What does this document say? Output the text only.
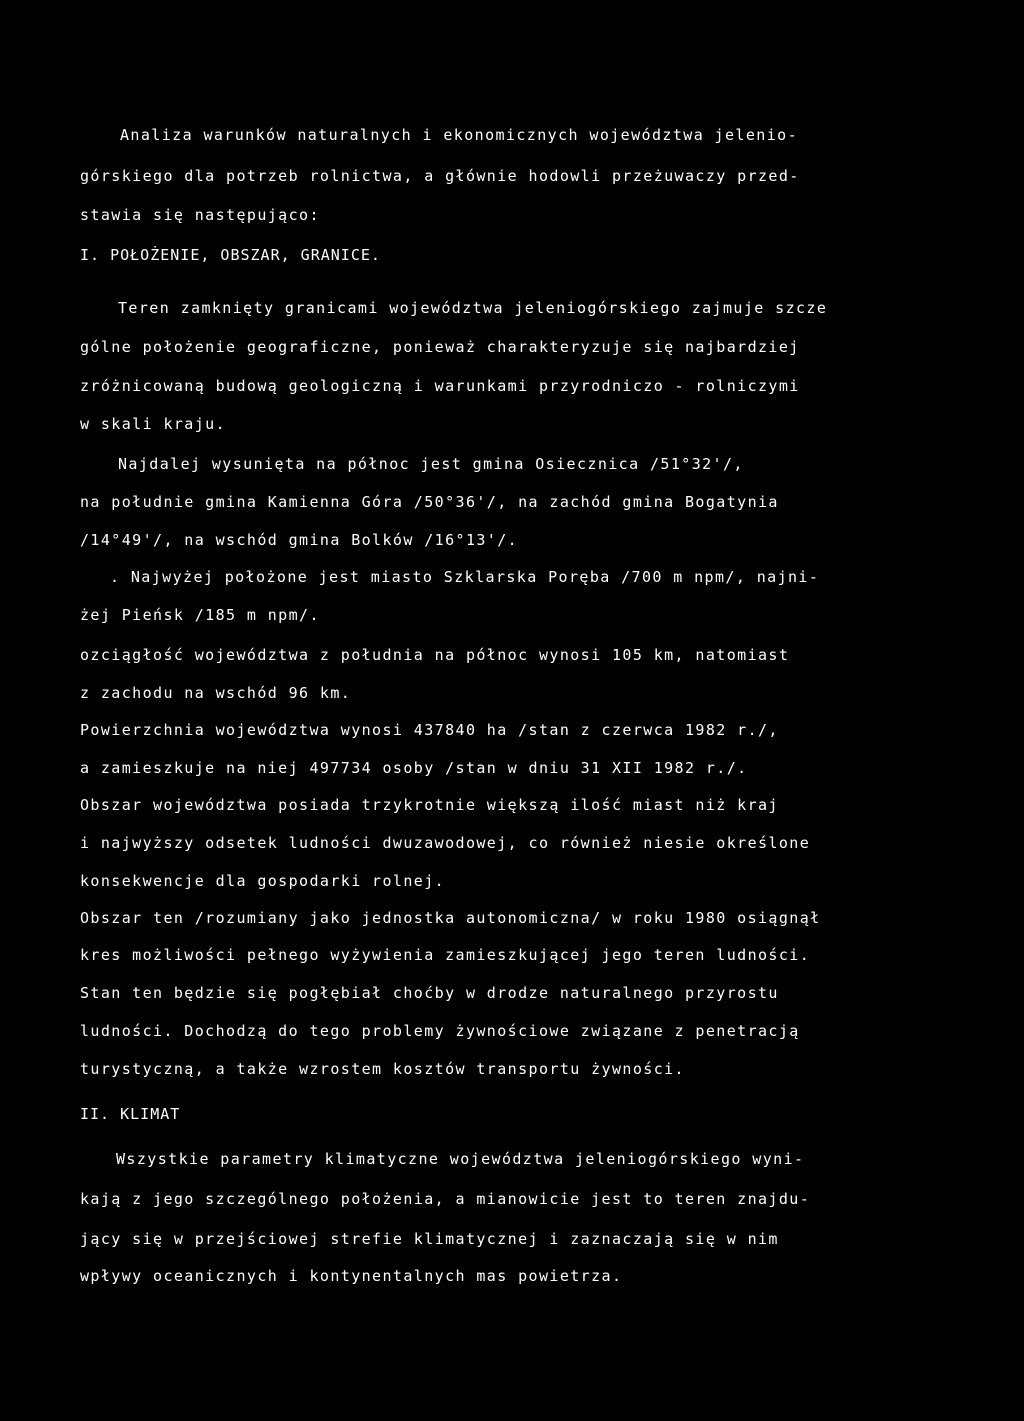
Analiza warunków naturalnych i ekonomicznych województwa jelenio-
górskiego dla potrzeb rolnictwa, a głównie hodowli przeżuwaczy przed-
stawia się następująco:
I. POŁOŻENIE, OBSZAR, GRANICE.
Teren zamknięty granicami województwa jeleniogórskiego zajmuje szcze
gólne położenie geograficzne, ponieważ charakteryzuje się najbardziej
zróżnicowaną budową geologiczną i warunkami przyrodniczo - rolniczymi
w skali kraju.
Najdalej wysunięta na północ jest gmina Osiecznica /51°32'/,
na południe gmina Kamienna Góra /50°36'/, na zachód gmina Bogatynia
/14°49'/, na wschód gmina Bolków /16°13'/.
. Najwyżej położone jest miasto Szklarska Poręba /700 m npm/, najni-
żej Pieńsk /185 m npm/.
ozciągłość województwa z południa na północ wynosi 105 km, natomiast
z zachodu na wschód 96 km.
Powierzchnia województwa wynosi 437840 ha /stan z czerwca 1982 r./,
a zamieszkuje na niej 497734 osoby /stan w dniu 31 XII 1982 r./.
Obszar województwa posiada trzykrotnie większą ilość miast niż kraj
i najwyższy odsetek ludności dwuzawodowej, co również niesie określone
konsekwencje dla gospodarki rolnej.
Obszar ten /rozumiany jako jednostka autonomiczna/ w roku 1980 osiągnął
kres możliwości pełnego wyżywienia zamieszkującej jego teren ludności.
Stan ten będzie się pogłębiał choćby w drodze naturalnego przyrostu
ludności. Dochodzą do tego problemy żywnościowe związane z penetracją
turystyczną, a także wzrostem kosztów transportu żywności.
II. KLIMAT
Wszystkie parametry klimatyczne województwa jeleniogórskiego wyni-
kają z jego szczególnego położenia, a mianowicie jest to teren znajdu-
jący się w przejściowej strefie klimatycznej i zaznaczają się w nim
wpływy oceanicznych i kontynentalnych mas powietrza.
